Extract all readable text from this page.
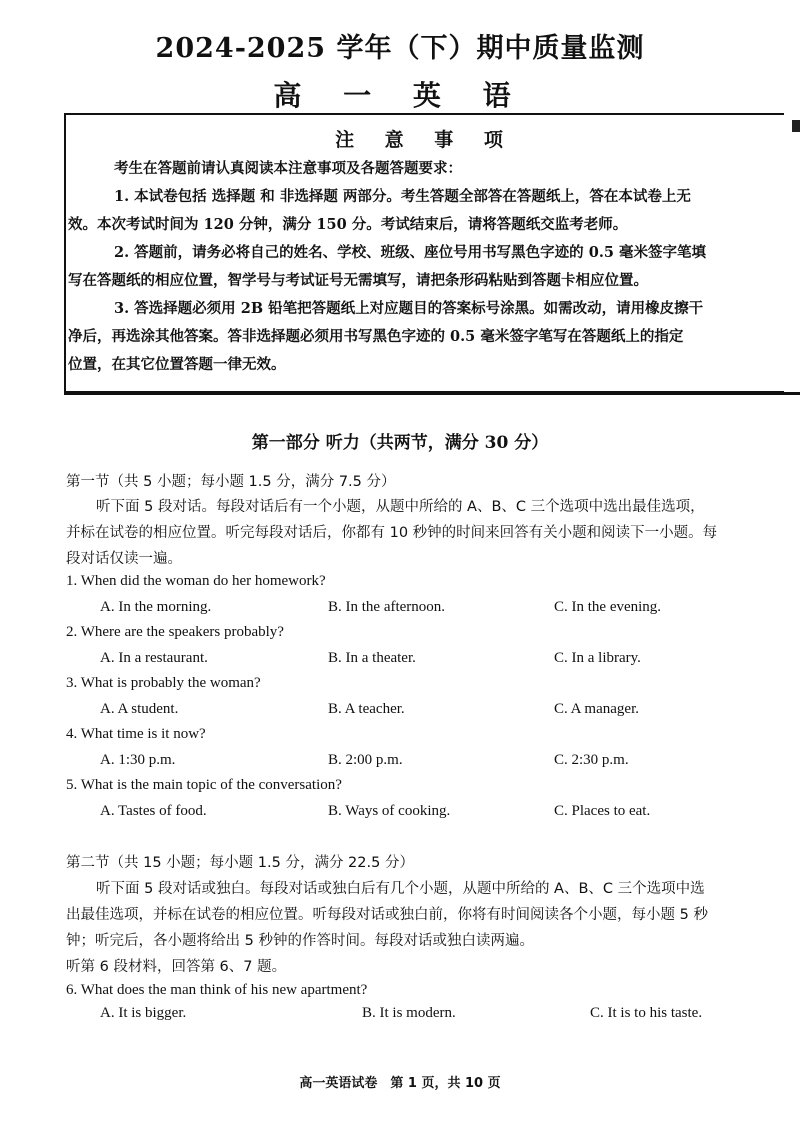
2024-2025 学年（下）期中质量监测
高 一 英 语
注 意 事 项
考生在答题前请认真阅读本注意事项及各题答题要求：
1. 本试卷包括 选择题 和 非选择题 两部分。考生答题全部答在答题纸上，答在本试卷上无
效。本次考试时间为 120 分钟，满分 150 分。考试结束后，请将答题纸交监考老师。
2. 答题前，请务必将自己的姓名、学校、班级、座位号用书写黑色字迹的 0.5 毫米签字笔填
写在答题纸的相应位置，智学号与考试证号无需填写，请把条形码粘贴到答题卡相应位置。
3. 答选择题必须用 2B 铅笔把答题纸上对应题目的答案标号涂黑。如需改动，请用橡皮擦干
净后，再选涂其他答案。答非选择题必须用书写黑色字迹的 0.5 毫米签字笔写在答题纸上的指定
位置，在其它位置答题一律无效。
第一部分 听力（共两节，满分 30 分）
第一节（共 5 小题；每小题 1.5 分，满分 7.5 分）
听下面 5 段对话。每段对话后有一个小题，从题中所给的 A、B、C 三个选项中选出最佳选项，
并标在试卷的相应位置。听完每段对话后，你都有 10 秒钟的时间来回答有关小题和阅读下一小题。每
段对话仅读一遍。
1. When did the woman do her homework?
A. In the morning.	B. In the afternoon.	C. In the evening.
2. Where are the speakers probably?
A. In a restaurant.	B. In a theater.	C. In a library.
3. What is probably the woman?
A. A student.	B. A teacher.	C. A manager.
4. What time is it now?
A. 1:30 p.m.	B. 2:00 p.m.	C. 2:30 p.m.
5. What is the main topic of the conversation?
A. Tastes of food.	B. Ways of cooking.	C. Places to eat.
第二节（共 15 小题；每小题 1.5 分，满分 22.5 分）
听下面 5 段对话或独白。每段对话或独白后有几个小题，从题中所给的 A、B、C 三个选项中选
出最佳选项，并标在试卷的相应位置。听每段对话或独白前，你将有时间阅读各个小题，每小题 5 秒
钟；听完后，各小题将给出 5 秒钟的作答时间。每段对话或独白读两遍。
听第 6 段材料，回答第 6、7 题。
6. What does the man think of his new apartment?
A. It is bigger.	B. It is modern.	C. It is to his taste.
高一英语试卷　第 1 页，共 10 页
